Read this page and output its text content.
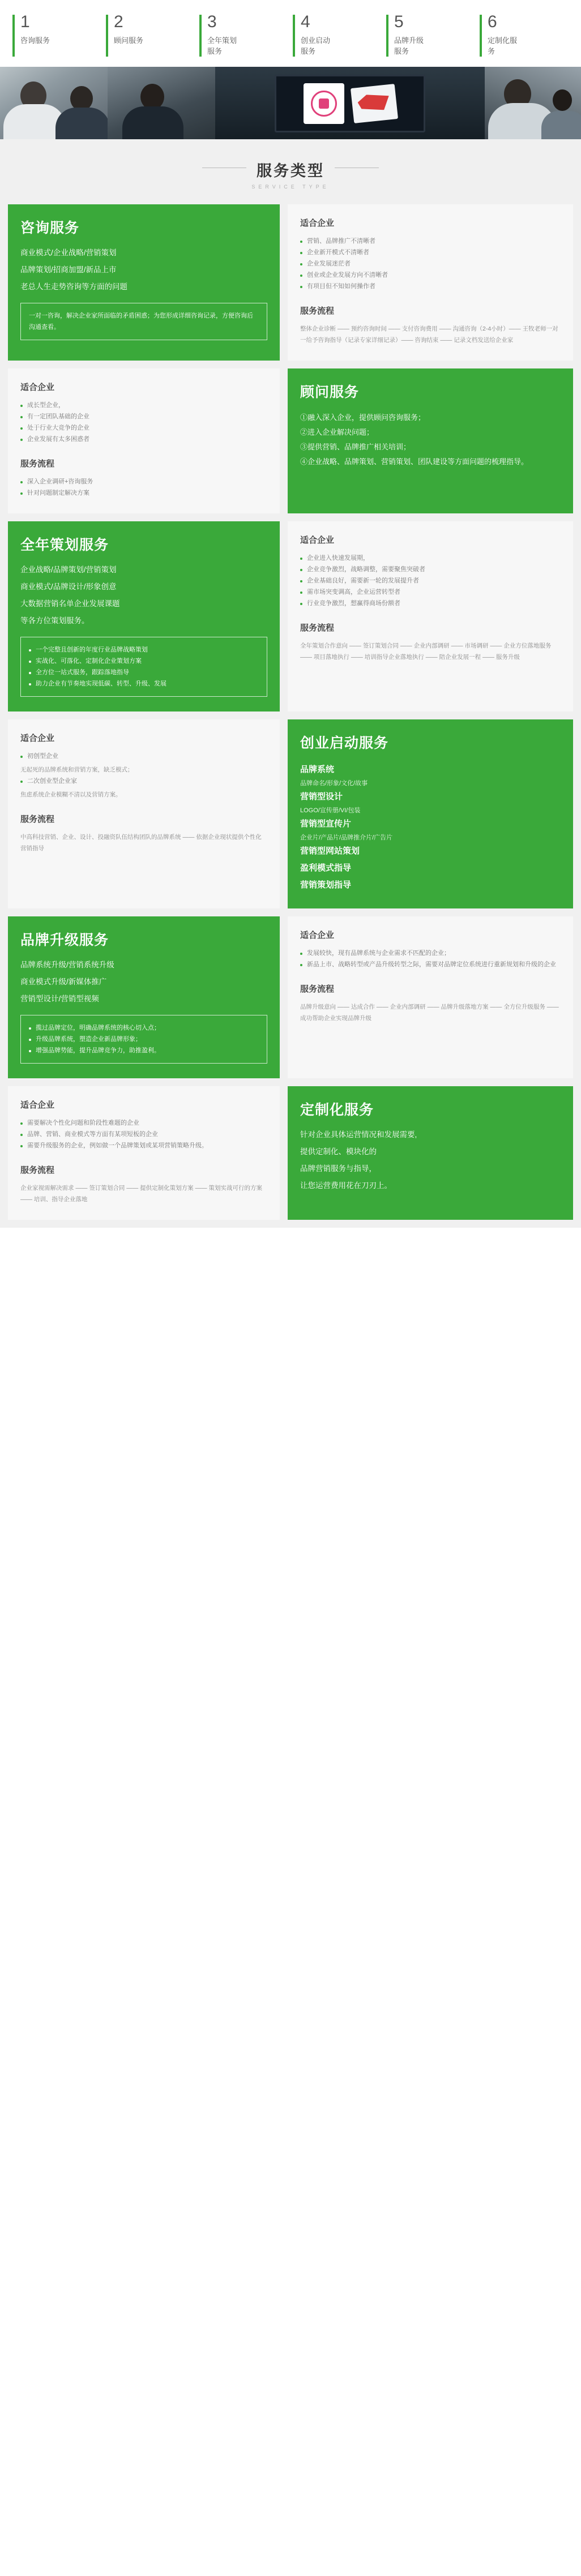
1
咨询服务
2
顾问服务
3
全年策划服务
4
创业启动服务
5
品牌升级服务
6
定制化服务
服务类型
SERVICE TYPE
咨询服务

商业模式/企业战略/营销策划

品牌策划/招商加盟/新品上市

老总人生走势咨询等方面的问题

一对一咨询，解决企业家所面临的矛盾困惑；为您形成详细咨询记录，方便咨询后沟通查看。
适合企业
营销、品牌推广不清晰者
企业新开模式不清晰者
企业发展迷茫者
创业或企业发展方向不清晰者
有项目但不知如何操作者
服务流程
整体企业诊断 —— 预约咨询时间 —— 支付咨询费用 —— 沟通咨询（2-4小时）—— 王牧老师一对一给予咨询指导（记录专家详细记录）—— 咨询结束 —— 记录文档发送给企业家
适合企业
成长型企业，
有一定团队基础的企业
处于行业大竞争的企业
企业发展有太多困惑者
服务流程
深入企业调研+咨询服务
针对问题制定解决方案
顾问服务
①融入深入企业，提供顾问咨询服务；
②进入企业解决问题；
③提供营销、品牌推广相关培训；
④企业战略、品牌策划、营销策划、团队建设等方面问题的梳理指导。
全年策划服务

企业战略/品牌策划/营销策划

商业模式/品牌设计/形象创意

大数据营销名单企业发展课题

等各方位策划服务。

一个完整且创新的年度行业品牌战略策划
实战化、可落化、定制化企业策划方案
全方位一站式服务，跟踪落地指导
助力企业有节奏地实现低碳、转型、升级、发展
适合企业
企业进入快速发展期，
企业竞争激烈，战略调整，需要聚焦突破者
企业基础良好，需要新一轮的发展提升者
需市场突变调高，企业运营转型者
行业竞争激烈，想赢得商场份额者
服务流程
全年策划合作意向 —— 签订策划合同 —— 企业内部调研 —— 市场调研 —— 企业方位落地服务 —— 项目落地执行 —— 培训指导企业落地执行 —— 陪企业发展一程 —— 服务升级
适合企业
初创型企业
无起死的品牌系统和营销方案，缺乏模式；
二次创业型企业家
焦虑系统企业模糊不清以及营销方案。
服务流程
中高科技营销、企业、设计、投融资队伍结构团队的品牌系统 —— 依据企业现状提供个性化营销指导
创业启动服务
品牌系统
品牌命名/形象/文化/故事
营销型设计
LOGO/宣传册/VI/包装
营销型宣传片
企业片/产品片/品牌推介片/广告片
营销型网站策划
盈利模式指导
营销策划指导
品牌升级服务

品牌系统升级/营销系统升级

商业模式升级/新媒体推广

营销型设计/营销型视频

揽过品牌定位，明确品牌系统的核心切入点；
升级品牌系统，塑造企业新品牌形象；
增强品牌势能，提升品牌竞争力，助推盈利。
适合企业
发展较快，现有品牌系统与企业需求不匹配的企业；
新品上市、战略转型或产品升级转型之际，需要对品牌定位系统进行重新规划和升级的企业
服务流程
品牌升级意向 —— 达成合作 —— 企业内部调研 —— 品牌升级落地方案 —— 全方位升级服务 —— 成功帮助企业实现品牌升级
适合企业
需要解决个性化问题和阶段性难题的企业
品牌、营销、商业模式等方面有某项短板的企业
需要升级服务的企业，例如做一个品牌策划或某项营销策略升级。
服务流程
企业家视需解决需求 —— 签订策划合同 —— 提供定制化策划方案 —— 策划实战可行的方案 —— 培训、指导企业落地
定制化服务

针对企业具体运营情况和发展需要,

提供定制化、模块化的

品牌营销服务与指导，

让您运营费用花在刀刃上。
